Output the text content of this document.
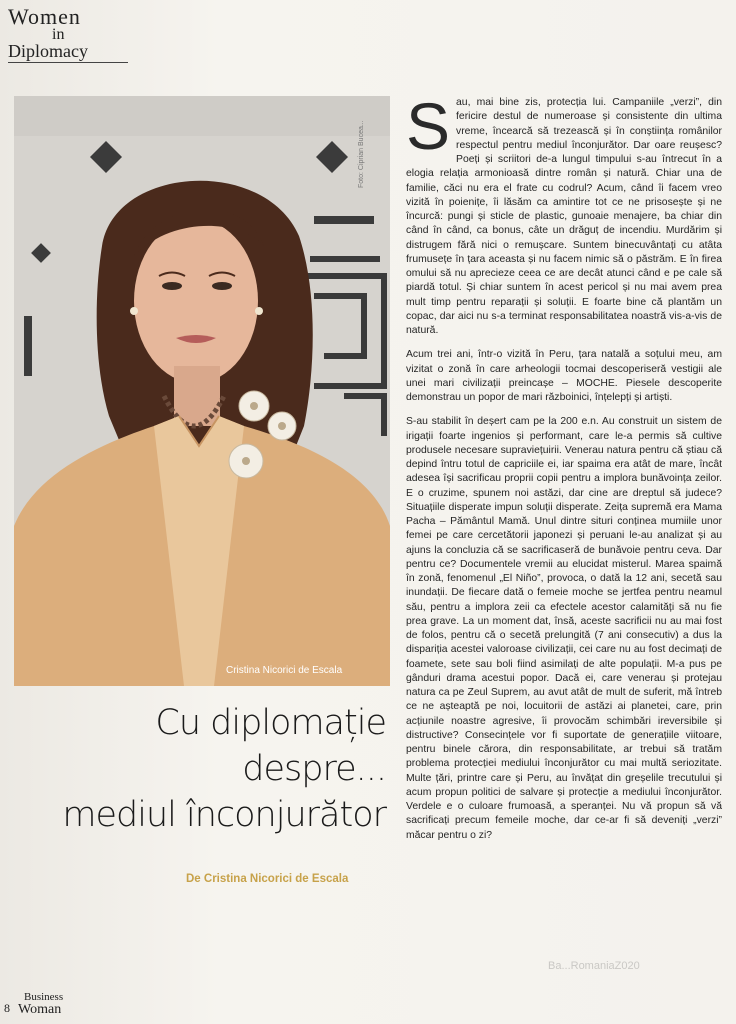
Women
in
Diplomacy
Foto: Ciprian Bucea...
Cristina Nicorici de Escala
Cu diplomație
despre...
mediul înconjurător
De Cristina Nicorici de Escala

Sau, mai bine zis, protecția lui. Campaniile „verzi”, din fericire destul de numeroase și consistente din ultima vreme, încearcă să trezească și în conștiința românilor respectul pentru mediul înconjurător. Dar oare reușesc? Poeți și scriitori de-a lungul timpului s-au întrecut în a elogia relația armonioasă dintre român și natură. Chiar una de familie, căci nu era el frate cu codrul? Acum, când îi facem vreo vizită în poienițe, îi lăsăm ca amintire tot ce ne prisosește și ne încurcă: pungi și sticle de plastic, gunoaie menajere, ba chiar din când în când, ca bonus, câte un drăguț de incendiu. Murdărim și distrugem fără nici o remușcare. Suntem binecuvântați cu atâta frumusețe în țara aceasta și nu facem nimic să o păstrăm. E în firea omului să nu aprecieze ceea ce are decât atunci când e pe cale să piardă totul. Și chiar suntem în acest pericol și nu mai avem prea mult timp pentru reparații și soluții. E foarte bine că plantăm un copac, dar aici nu s-a terminat responsabilitatea noastră vis-a-vis de natură.

Acum trei ani, într-o vizită în Peru, țara natală a soțului meu, am vizitat o zonă în care arheologii tocmai descoperiseră vestigii ale unei mari civilizații preincașe – MOCHE. Piesele descoperite demonstrau un popor de mari războinici, înțelepți și artiști.

S-au stabilit în deșert cam pe la 200 e.n. Au construit un sistem de irigații foarte ingenios și performant, care le-a permis să cultive produsele necesare supraviețuirii. Venerau natura pentru că știau că depind întru totul de capriciile ei, iar spaima era atât de mare, încât adesea își sacrificau proprii copii pentru a implora bunăvoința zeilor. E o cruzime, spunem noi astăzi, dar cine are dreptul să judece? Situațiile disperate impun soluții disperate. Zeița supremă era Mama Pacha – Pământul Mamă. Unul dintre situri conținea mumiile unor femei pe care cercetătorii japonezi și peruani le-au analizat și au ajuns la concluzia că se sacrificaseră de bunăvoie pentru ceva. Dar pentru ce? Documentele vremii au elucidat misterul. Marea spaimă în zonă, fenomenul „El Niño”, provoca, o dată la 12 ani, secetă sau inundații. De fiecare dată o femeie moche se jertfea pentru neamul său, pentru a implora zeii ca efectele acestor calamități să nu fie prea grave. La un moment dat, însă, aceste sacrificii nu au mai fost de folos, pentru că o secetă prelungită (7 ani consecutiv) a dus la dispariția acestei valoroase civilizații, cei care nu au fost decimați de foamete, sete sau boli fiind asimilați de alte populații. M-a pus pe gânduri drama acestui popor. Dacă ei, care venerau și protejau natura ca pe Zeul Suprem, au avut atât de mult de suferit, mă întreb ce ne așteaptă pe noi, locuitorii de astăzi ai planetei, care, prin acțiunile noastre agresive, îi provocăm schimbări ireversibile și distructive? Consecințele vor fi suportate de generațiile viitoare, pentru binele cărora, din responsabilitate, ar trebui să tratăm problema protecției mediului înconjurător cu mai multă seriozitate. Multe țări, printre care și Peru, au învățat din greșelile trecutului și acum propun politici de salvare și protecție a mediului înconjurător. Verdele e o culoare frumoasă, a speranței. Nu vă propun să vă sacrificați precum femeile moche, dar ce-ar fi să deveniți „verzi” măcar pentru o zi?

Ba...RomaniaZ020
8
Business
Woman
